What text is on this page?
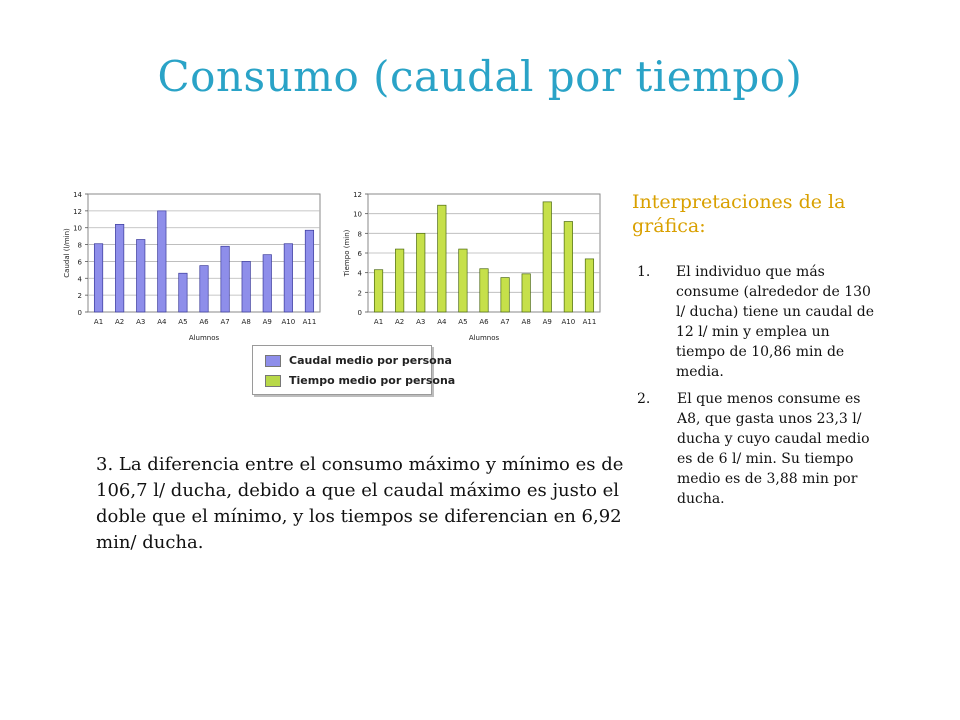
Consumo (caudal por tiempo)
0
2
4
6
8
10
12
14
A1 A2 A3 A4 A5 A6 A7 A8 A9 A10 A11
Caudal (l/min)
Alumnos
0
2
4
6
8
10
12
A1 A2 A3 A4 A5 A6 A7 A8 A9 A10 A11
Tiempo (min)
Alumnos
Caudal medio por persona
Tiempo medio por persona
Interpretaciones de la gráfica:
1. El individuo que más consume (alrededor de 130 l/ ducha) tiene un caudal de 12 l/ min y emplea un tiempo de 10,86 min de media.
2. El que menos consume es A8, que gasta unos 23,3 l/ ducha y cuyo caudal medio es de 6 l/ min. Su tiempo medio es de 3,88 min por ducha.
3. La diferencia entre el consumo máximo y mínimo es de 106,7 l/ ducha, debido a que el caudal máximo es justo el doble que el mínimo, y los tiempos se diferencian en 6,92 min/ ducha.
